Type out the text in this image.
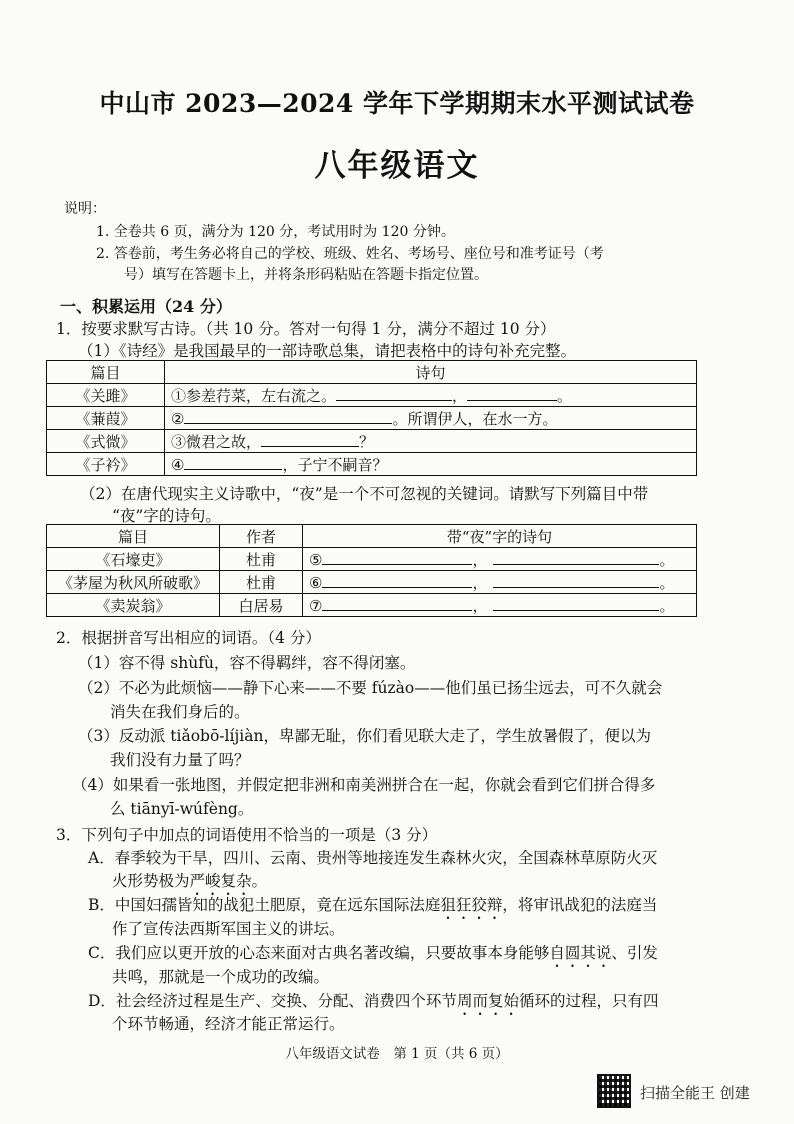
中山市 2023—2024 学年下学期期末水平测试试卷
八年级语文
说明：
1. 全卷共 6 页，满分为 120 分，考试用时为 120 分钟。
2. 答卷前，考生务必将自己的学校、班级、姓名、考场号、座位号和准考证号（考
号）填写在答题卡上，并将条形码粘贴在答题卡指定位置。
一、积累运用（24 分）
1．按要求默写古诗。（共 10 分。答对一句得 1 分，满分不超过 10 分）
（1）《诗经》是我国最早的一部诗歌总集，请把表格中的诗句补充完整。
篇目	诗句
《关雎》	①参差荇菜，左右流之。 ， 。
《蒹葭》	② 。所谓伊人，在水一方。
《式微》	③微君之故， ？
《子衿》	④ ，子宁不嗣音？
（2）在唐代现实主义诗歌中，“夜”是一个不可忽视的关键词。请默写下列篇目中带
“夜”字的诗句。
篇目	作者	带“夜”字的诗句
《石壕吏》	杜甫	⑤ ， 。
《茅屋为秋风所破歌》	杜甫	⑥ ， 。
《卖炭翁》	白居易	⑦ ， 。
2．根据拼音写出相应的词语。（4 分）
（1）容不得 shùfù，容不得羁绊，容不得闭塞。
（2）不必为此烦恼——静下心来——不要 fúzào——他们虽已扬尘远去，可不久就会
消失在我们身后的。
（3）反动派 tiǎobō-líjiàn，卑鄙无耻，你们看见联大走了，学生放暑假了，便以为
我们没有力量了吗？
（4）如果看一张地图，并假定把非洲和南美洲拼合在一起，你就会看到它们拼合得多
么 tiānyī-wúfèng。
3．下列句子中加点的词语使用不恰当的一项是（3 分）
A．春季较为干旱，四川、云南、贵州等地接连发生森林火灾，全国森林草原防火灭
火形势极为严峻复杂。
B．中国妇孺皆知的战犯土肥原，竟在远东国际法庭狙狂狡辩，将审讯战犯的法庭当
作了宣传法西斯军国主义的讲坛。
C．我们应以更开放的心态来面对古典名著改编，只要故事本身能够自圆其说、引发
共鸣，那就是一个成功的改编。
D．社会经济过程是生产、交换、分配、消费四个环节周而复始循环的过程，只有四
个环节畅通，经济才能正常运行。
八年级语文试卷　第 1 页（共 6 页）
扫描全能王 创建
